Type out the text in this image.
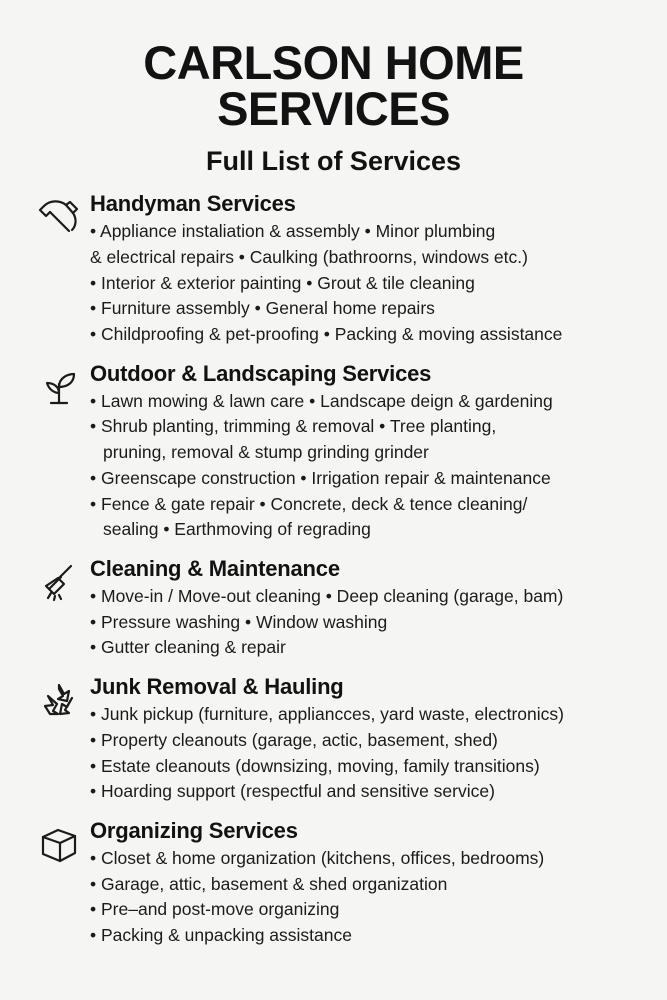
CARLSON HOME SERVICES
Full List of Services
Handyman Services
• Appliance instaliation & assembly • Minor plumbing
& electrical repairs • Caulking (bathroorns, windows etc.)
• Interior & exterior painting • Grout & tile cleaning
• Furniture assembly • General home repairs
• Childproofing & pet-proofing • Packing & moving assistance
Outdoor & Landscaping Services
• Lawn mowing & lawn care • Landscape deign & gardening
• Shrub planting, trimming & removal • Tree planting,
pruning, removal & stump grinding grinder
• Greenscape construction • Irrigation repair & maintenance
• Fence & gate repair • Concrete, deck & tence cleaning/
sealing • Earthmoving of regrading
Cleaning & Maintenance
• Move-in / Move-out cleaning • Deep cleaning (garage, bam)
• Pressure washing • Window washing
• Gutter cleaning & repair
Junk Removal & Hauling
• Junk pickup (furniture, appliancces, yard waste, electronics)
• Property cleanouts (garage, actic, basement, shed)
• Estate cleanouts (downsizing, moving, family transitions)
• Hoarding support (respectful and sensitive service)
Organizing Services
• Closet & home organization (kitchens, offices, bedrooms)
• Garage, attic, basement & shed organization
• Pre–and post-move organizing
• Packing & unpacking assistance
